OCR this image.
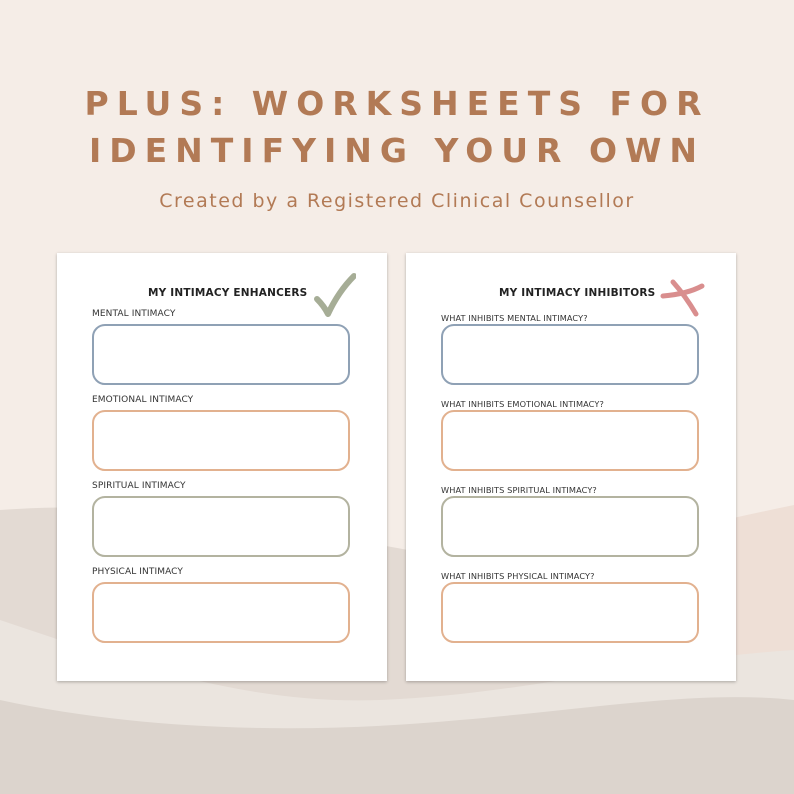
PLUS: WORKSHEETS FOR
IDENTIFYING YOUR OWN
Created by a Registered Clinical Counsellor
MY INTIMACY ENHANCERS
MENTAL INTIMACY
EMOTIONAL INTIMACY
SPIRITUAL INTIMACY
PHYSICAL INTIMACY
MY INTIMACY INHIBITORS
WHAT INHIBITS MENTAL INTIMACY?
WHAT INHIBITS EMOTIONAL INTIMACY?
WHAT INHIBITS SPIRITUAL INTIMACY?
WHAT INHIBITS PHYSICAL INTIMACY?
